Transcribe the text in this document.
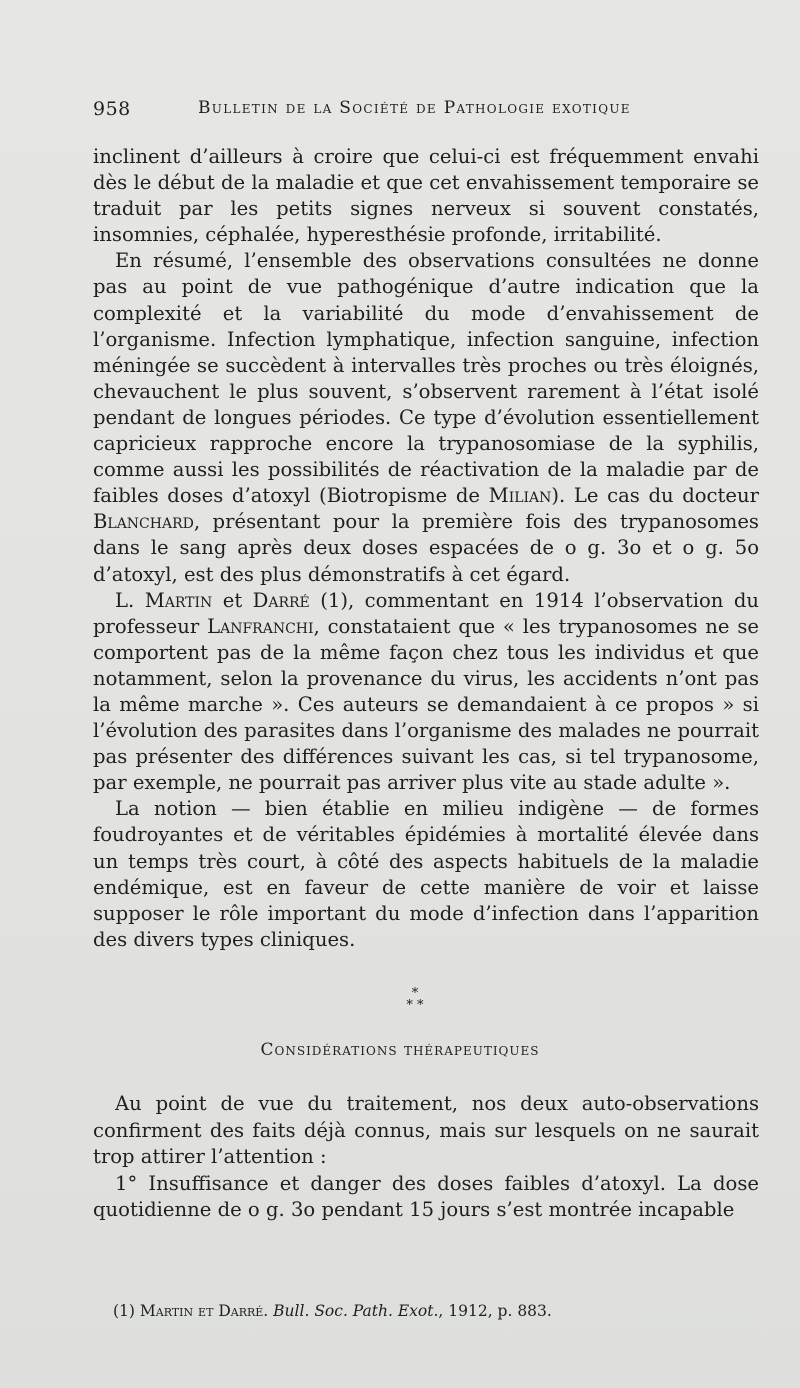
958	Bulletin de la Société de Pathologie exotique

inclinent d’ailleurs à croire que celui-ci est fréquemment envahi dès le début de la maladie et que cet envahissement temporaire se traduit par les petits signes nerveux si souvent constatés, insomnies, céphalée, hyperesthésie profonde, irritabilité.

En résumé, l’ensemble des observations consultées ne donne pas au point de vue pathogénique d’autre indication que la complexité et la variabilité du mode d’envahissement de l’organisme. Infection lymphatique, infection sanguine, infection méningée se succèdent à intervalles très proches ou très éloignés, chevauchent le plus souvent, s’observent rarement à l’état isolé pendant de longues périodes. Ce type d’évolution essentiellement capricieux rapproche encore la trypanosomiase de la syphilis, comme aussi les possibilités de réactivation de la maladie par de faibles doses d’atoxyl (Biotropisme de Milian). Le cas du docteur Blanchard, présentant pour la première fois des trypanosomes dans le sang après deux doses espacées de o g. 3o et o g. 5o d’atoxyl, est des plus démonstratifs à cet égard.

L. Martin et Darré (1), commentant en 1914 l’observation du professeur Lanfranchi, constataient que « les trypanosomes ne se comportent pas de la même façon chez tous les individus et que notamment, selon la provenance du virus, les accidents n’ont pas la même marche ». Ces auteurs se demandaient à ce propos » si l’évolution des parasites dans l’organisme des malades ne pourrait pas présenter des différences suivant les cas, si tel trypanosome, par exemple, ne pourrait pas arriver plus vite au stade adulte ».

La notion — bien établie en milieu indigène — de formes foudroyantes et de véritables épidémies à mortalité élevée dans un temps très court, à côté des aspects habituels de la maladie endémique, est en faveur de cette manière de voir et laisse supposer le rôle important du mode d’infection dans l’apparition des divers types cliniques.

*
* *
Considérations thérapeutiques

Au point de vue du traitement, nos deux auto-observations confirment des faits déjà connus, mais sur lesquels on ne saurait trop attirer l’attention :

1° Insuffisance et danger des doses faibles d’atoxyl. La dose quotidienne de o g. 3o pendant 15 jours s’est montrée incapable

(1) Martin et Darré. Bull. Soc. Path. Exot., 1912, p. 883.
